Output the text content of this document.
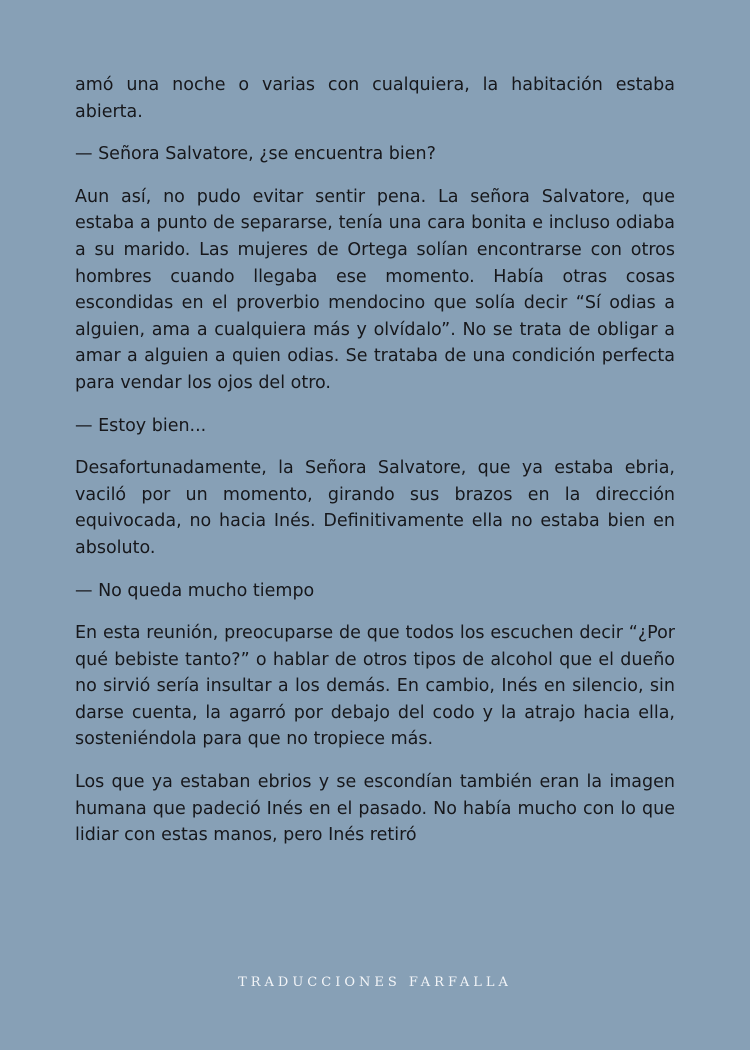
amó una noche o varias con cualquiera, la habitación estaba abierta.

— Señora Salvatore, ¿se encuentra bien?

Aun así, no pudo evitar sentir pena. La señora Salvatore, que estaba a punto de separarse, tenía una cara bonita e incluso odiaba a su marido. Las mujeres de Ortega solían encontrarse con otros hombres cuando llegaba ese momento. Había otras cosas escondidas en el proverbio mendocino que solía decir “Sí odias a alguien, ama a cualquiera más y olvídalo”. No se trata de obligar a amar a alguien a quien odias. Se trataba de una condición perfecta para vendar los ojos del otro.

— Estoy bien...

Desafortunadamente, la Señora Salvatore, que ya estaba ebria, vaciló por un momento, girando sus brazos en la dirección equivocada, no hacia Inés. Definitivamente ella no estaba bien en absoluto.

— No queda mucho tiempo

En esta reunión, preocuparse de que todos los escuchen decir “¿Por qué bebiste tanto?” o hablar de otros tipos de alcohol que el dueño no sirvió sería insultar a los demás. En cambio, Inés en silencio, sin darse cuenta, la agarró por debajo del codo y la atrajo hacia ella, sosteniéndola para que no tropiece más.

Los que ya estaban ebrios y se escondían también eran la imagen humana que padeció Inés en el pasado. No había mucho con lo que lidiar con estas manos, pero Inés retiró

TRADUCCIONES FARFALLA
